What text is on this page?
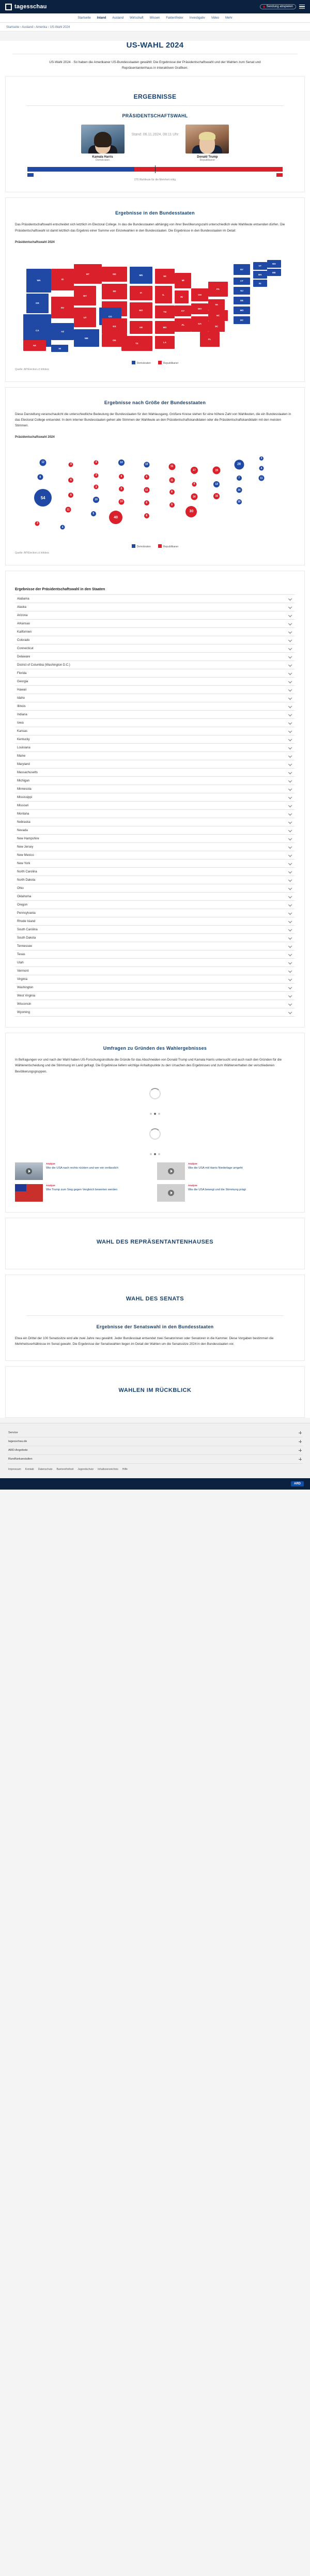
tagesschau	Sendung abspielen
Startseite Inland Ausland Wirtschaft Wissen Faktenfinder Investigativ Video Mehr
Startseite › Ausland › Amerika › US-Wahl 2024
US-WAHL 2024

US-Wahl 2024 · So haben die Amerikaner US-Bundesstaaten gewählt: Die Ergebnisse der Präsidentschaftswahl und der Wahlen zum Senat und Repräsentantenhaus in interaktiven Grafiken.

ERGEBNISSE
PRÄSIDENTSCHAFTSWAHL
Kamala Harris
Demokraten
Stand: 06.11.2024, 08:11 Uhr
Donald Trump
Republikaner
226	312
270 Wahlleute für die Mehrheit nötig
Ergebnisse in den Bundesstaaten

Das Präsidentschaftswahl entscheidet sich letztlich im Electoral College. In das die Bundesstaaten abhängig von ihrer Bevölkerungszahl unterschiedlich viele Wahlleute entsenden dürfen. Die Präsidentschaftswahl ist damit letztlich das Ergebnis einer Summe von Einzelwahlen in den Bundesstaaten. Die Ergebnisse in den Bundesstaaten im Detail:

Präsidentschaftswahl 2024
WA
OR
CA
ID
NV
AZ
MT
WY
UT
NM
ND
SD
CO
KS
OK
MN
IA
MO
AR
TX
WI
IL
TN
MS
LA
MI
IN
KY
AL
OH
WV
GA
PA
VA
NC
SC
FL
NY
VT
NH
ME
MA
RI
CT
NJ
DE
MD
DC
AK
HI
Demokraten	Republikaner
Quelle: AP/Election.ct Infobox
Ergebnisse nach Größe der Bundesstaaten

Diese Darstellung veranschaulicht die unterschiedliche Bedeutung der Bundesstaaten für den Wahlausgang. Größere Kreise stehen für eine höhere Zahl von Wahlleuten, die ein Bundesstaaten in das Electoral College entsendet. In dem interner Bundesstaaten gehen alle Stimmen der Wahlleute an den Präsidentschaftskandidaten oder die Präsidentschaftskandidatin mit den meisten Stimmen.

Präsidentschaftswahl 2024
12
8
54
4
6
6
11
4
3
3
10
5
10
6
5
10
40
10
6
11
6
8
15
11
8
9
17
4
16
30
19
13
16
28
3
4
11
7
14
10
3
4
Demokraten	Republikaner
Quelle: AP/Election.ct Infobox
Ergebnisse der Präsidentschaftswahl in den Staaten
Alabama
Alaska
Arizona
Arkansas
Kalifornien
Colorado
Connecticut
Delaware
District of Columbia (Washington D.C.)
Florida
Georgia
Hawaii
Idaho
Illinois
Indiana
Iowa
Kansas
Kentucky
Louisiana
Maine
Maryland
Massachusetts
Michigan
Minnesota
Mississippi
Missouri
Montana
Nebraska
Nevada
New Hampshire
New Jersey
New Mexico
New York
North Carolina
North Dakota
Ohio
Oklahoma
Oregon
Pennsylvania
Rhode Island
South Carolina
South Dakota
Tennessee
Texas
Utah
Vermont
Virginia
Washington
West Virginia
Wisconsin
Wyoming
Umfragen zu Gründen des Wahlergebnisses

In Befragungen vor und nach der Wahl haben US-Forschungsinstitute die Gründe für das Abschneiden von Donald Trump und Kamala Harris untersucht und auch nach den Gründen für die Wählerentscheidung und die Stimmung im Land gefragt. Die Ergebnisse liefern wichtige Anhaltspunkte zu den Ursachen des Ergebnisses und zum Wählerverhalten der verschiedenen Bevölkerungsgruppen.

Analyse
Wie die USA nach rechts rückten und wer ein verlässlich
Analyse
Wie die USA mit Harris Niederlage umgeht
Analyse
Wie Trump zum Sieg gegen Vergleich bewerten werden
Analyse
Wie die USA bewegt und die Stimmung prägt
WAHL DES REPRÄSENTANTENHAUSES
WAHL DES SENATS
Ergebnisse der Senatswahl in den Bundesstaaten

Etwa ein Drittel der 100 Senatssitze wird alle zwei Jahre neu gewählt. Jeder Bundesstaat entsendet zwei Senatorinnen oder Senatoren in die Kammer. Diese Vorgaben bestimmen die Mehrheitsverhältnisse im Senat gewahr. Die Ergebnisse der Senatswahlen liegen im Detail der Wahlen um die Senatssitze 2024 in den Bundesstaaten vor.

WAHLEN IM RÜCKBLICK
Service
tagesschau.de
ARD-Angebote
Rundfunkanstalten
Impressum Kontakt Datenschutz Barrierefreiheit Jugendschutz Inhaltsverzeichnis Hilfe
ARD
